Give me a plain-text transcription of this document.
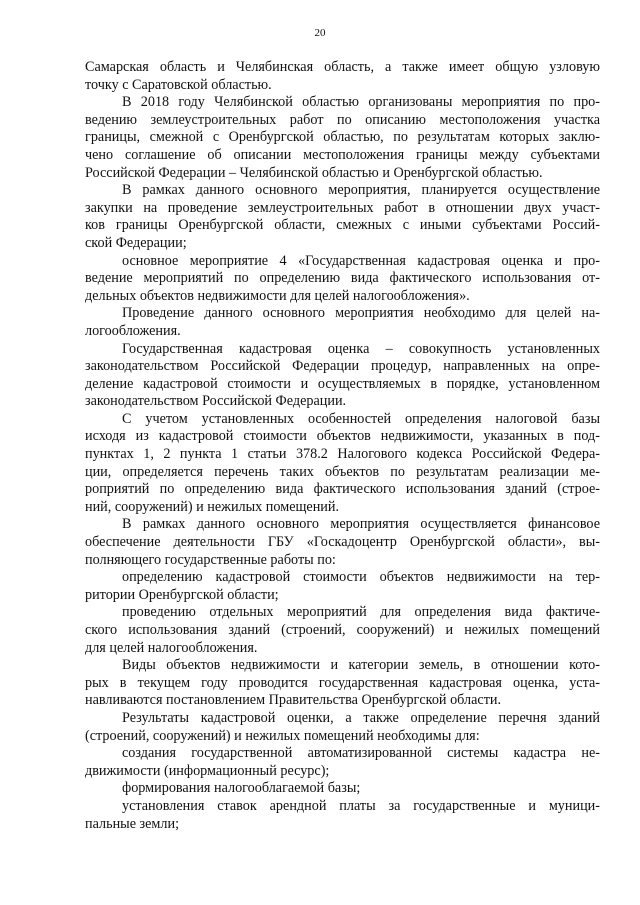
20
Самарская область и Челябинская область, а также имеет общую узловую
точку с Саратовской областью.
В 2018 году Челябинской областью организованы мероприятия по про-
ведению землеустроительных работ по описанию местоположения участка
границы, смежной с Оренбургской областью, по результатам которых заклю-
чено соглашение об описании местоположения границы между субъектами
Российской Федерации – Челябинской областью и Оренбургской областью.
В рамках данного основного мероприятия, планируется осуществление
закупки на проведение землеустроительных работ в отношении двух участ-
ков границы Оренбургской области, смежных с иными субъектами Россий-
ской Федерации;
основное мероприятие 4 «Государственная кадастровая оценка и про-
ведение мероприятий по определению вида фактического использования от-
дельных объектов недвижимости для целей налогообложения».
Проведение данного основного мероприятия необходимо для целей на-
логообложения.
Государственная кадастровая оценка – совокупность установленных
законодательством Российской Федерации процедур, направленных на опре-
деление кадастровой стоимости и осуществляемых в порядке, установленном
законодательством Российской Федерации.
С учетом установленных особенностей определения налоговой базы
исходя из кадастровой стоимости объектов недвижимости, указанных в под-
пунктах 1, 2 пункта 1 статьи 378.2 Налогового кодекса Российской Федера-
ции, определяется перечень таких объектов по результатам реализации ме-
роприятий по определению вида фактического использования зданий (строе-
ний, сооружений) и нежилых помещений.
В рамках данного основного мероприятия осуществляется финансовое
обеспечение деятельности ГБУ «Госкадоцентр Оренбургской области», вы-
полняющего государственные работы по:
определению кадастровой стоимости объектов недвижимости на тер-
ритории Оренбургской области;
проведению отдельных мероприятий для определения вида фактиче-
ского использования зданий (строений, сооружений) и нежилых помещений
для целей налогообложения.
Виды объектов недвижимости и категории земель, в отношении кото-
рых в текущем году проводится государственная кадастровая оценка, уста-
навливаются постановлением Правительства Оренбургской области.
Результаты кадастровой оценки, а также определение перечня зданий
(строений, сооружений) и нежилых помещений необходимы для:
создания государственной автоматизированной системы кадастра не-
движимости (информационный ресурс);
формирования налогооблагаемой базы;
установления ставок арендной платы за государственные и муници-
пальные земли;
